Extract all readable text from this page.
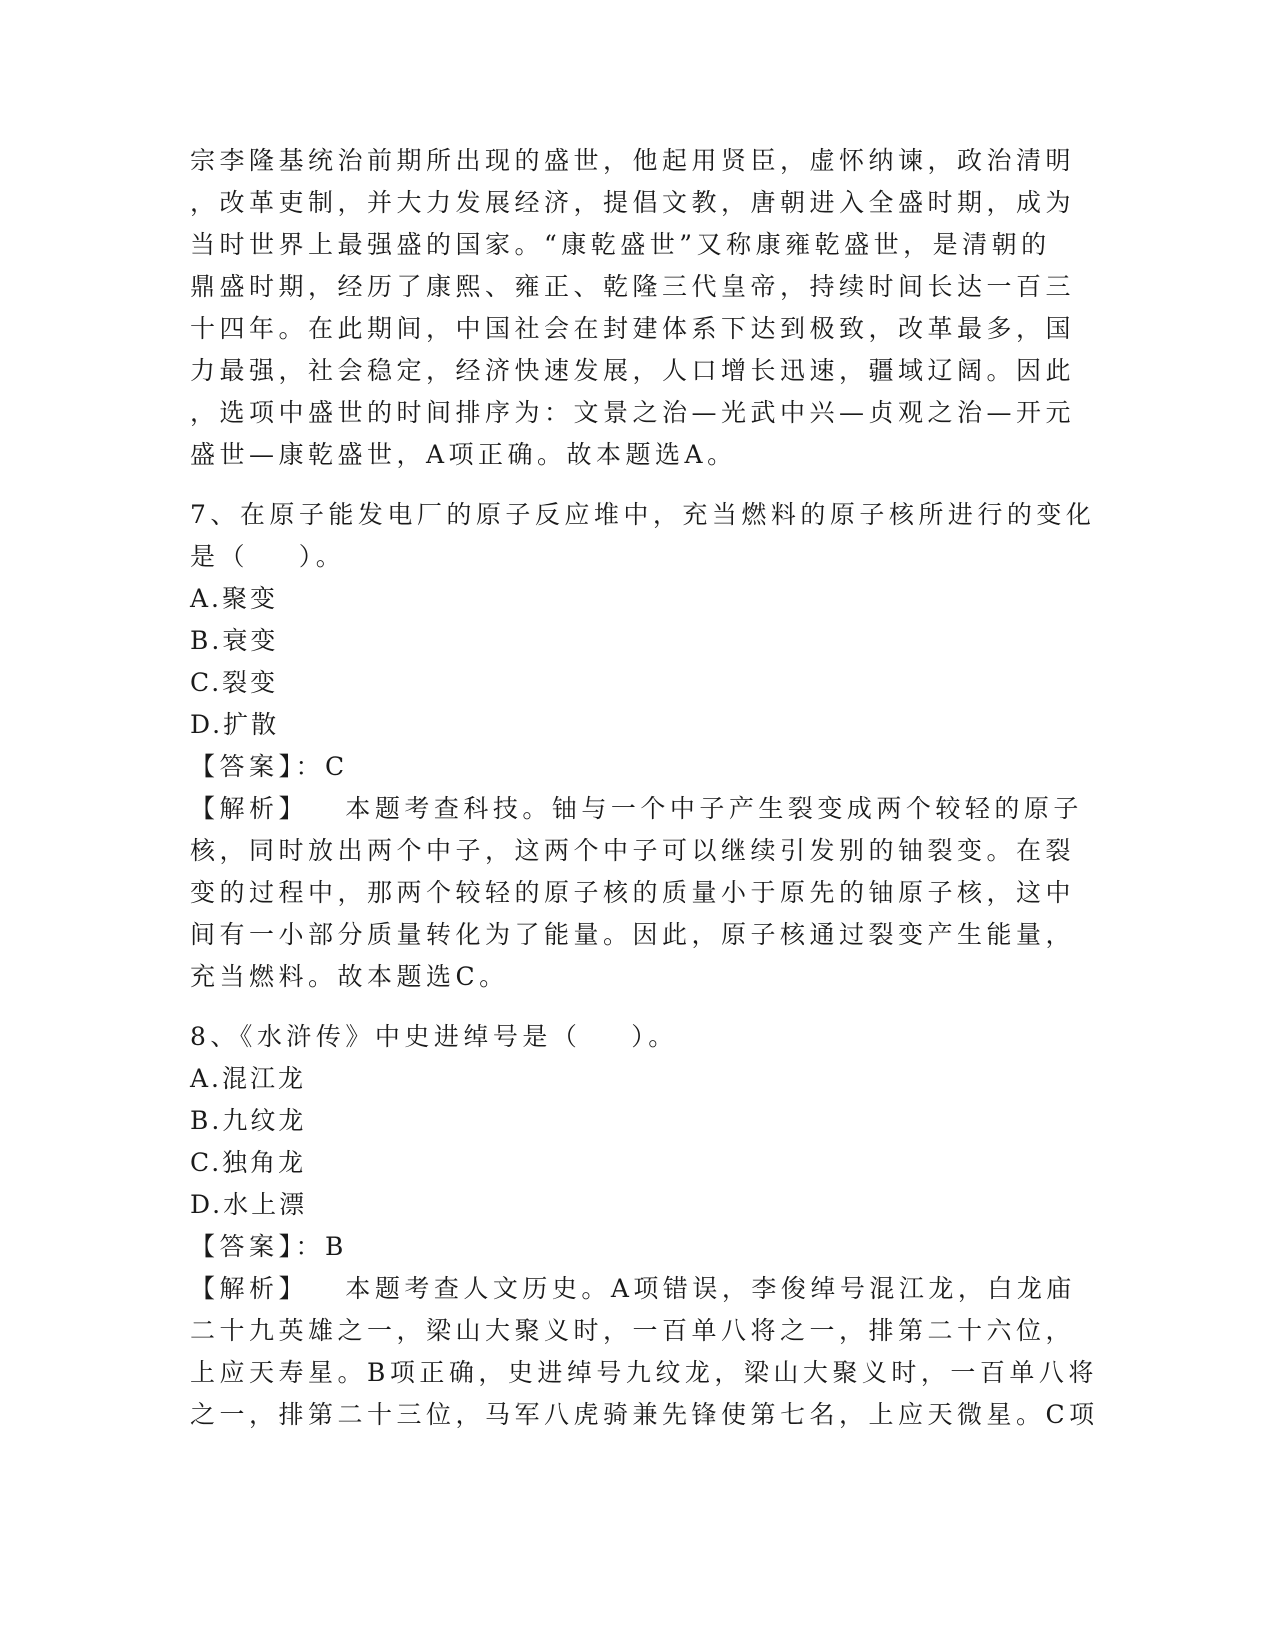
宗李隆基统治前期所出现的盛世，他起用贤臣，虚怀纳谏，政治清明
，改革吏制，并大力发展经济，提倡文教，唐朝进入全盛时期，成为
当时世界上最强盛的国家。“康乾盛世”又称康雍乾盛世，是清朝的
鼎盛时期，经历了康熙、雍正、乾隆三代皇帝，持续时间长达一百三
十四年。在此期间，中国社会在封建体系下达到极致，改革最多，国
力最强，社会稳定，经济快速发展，人口增长迅速，疆域辽阔。因此
，选项中盛世的时间排序为：文景之治—光武中兴—贞观之治—开元
盛世—康乾盛世，A项正确。故本题选A。
7、在原子能发电厂的原子反应堆中，充当燃料的原子核所进行的变化
是（    ）。
A.聚变
B.衰变
C.裂变
D.扩散
【答案】：C
【解析】   本题考查科技。铀与一个中子产生裂变成两个较轻的原子
核，同时放出两个中子，这两个中子可以继续引发别的铀裂变。在裂
变的过程中，那两个较轻的原子核的质量小于原先的铀原子核，这中
间有一小部分质量转化为了能量。因此，原子核通过裂变产生能量，
充当燃料。故本题选C。
8、《水浒传》中史进绰号是（    ）。
A.混江龙
B.九纹龙
C.独角龙
D.水上漂
【答案】：B
【解析】   本题考查人文历史。A项错误，李俊绰号混江龙，白龙庙
二十九英雄之一，梁山大聚义时，一百单八将之一，排第二十六位，
上应天寿星。B项正确，史进绰号九纹龙，梁山大聚义时，一百单八将
之一，排第二十三位，马军八虎骑兼先锋使第七名，上应天微星。C项
